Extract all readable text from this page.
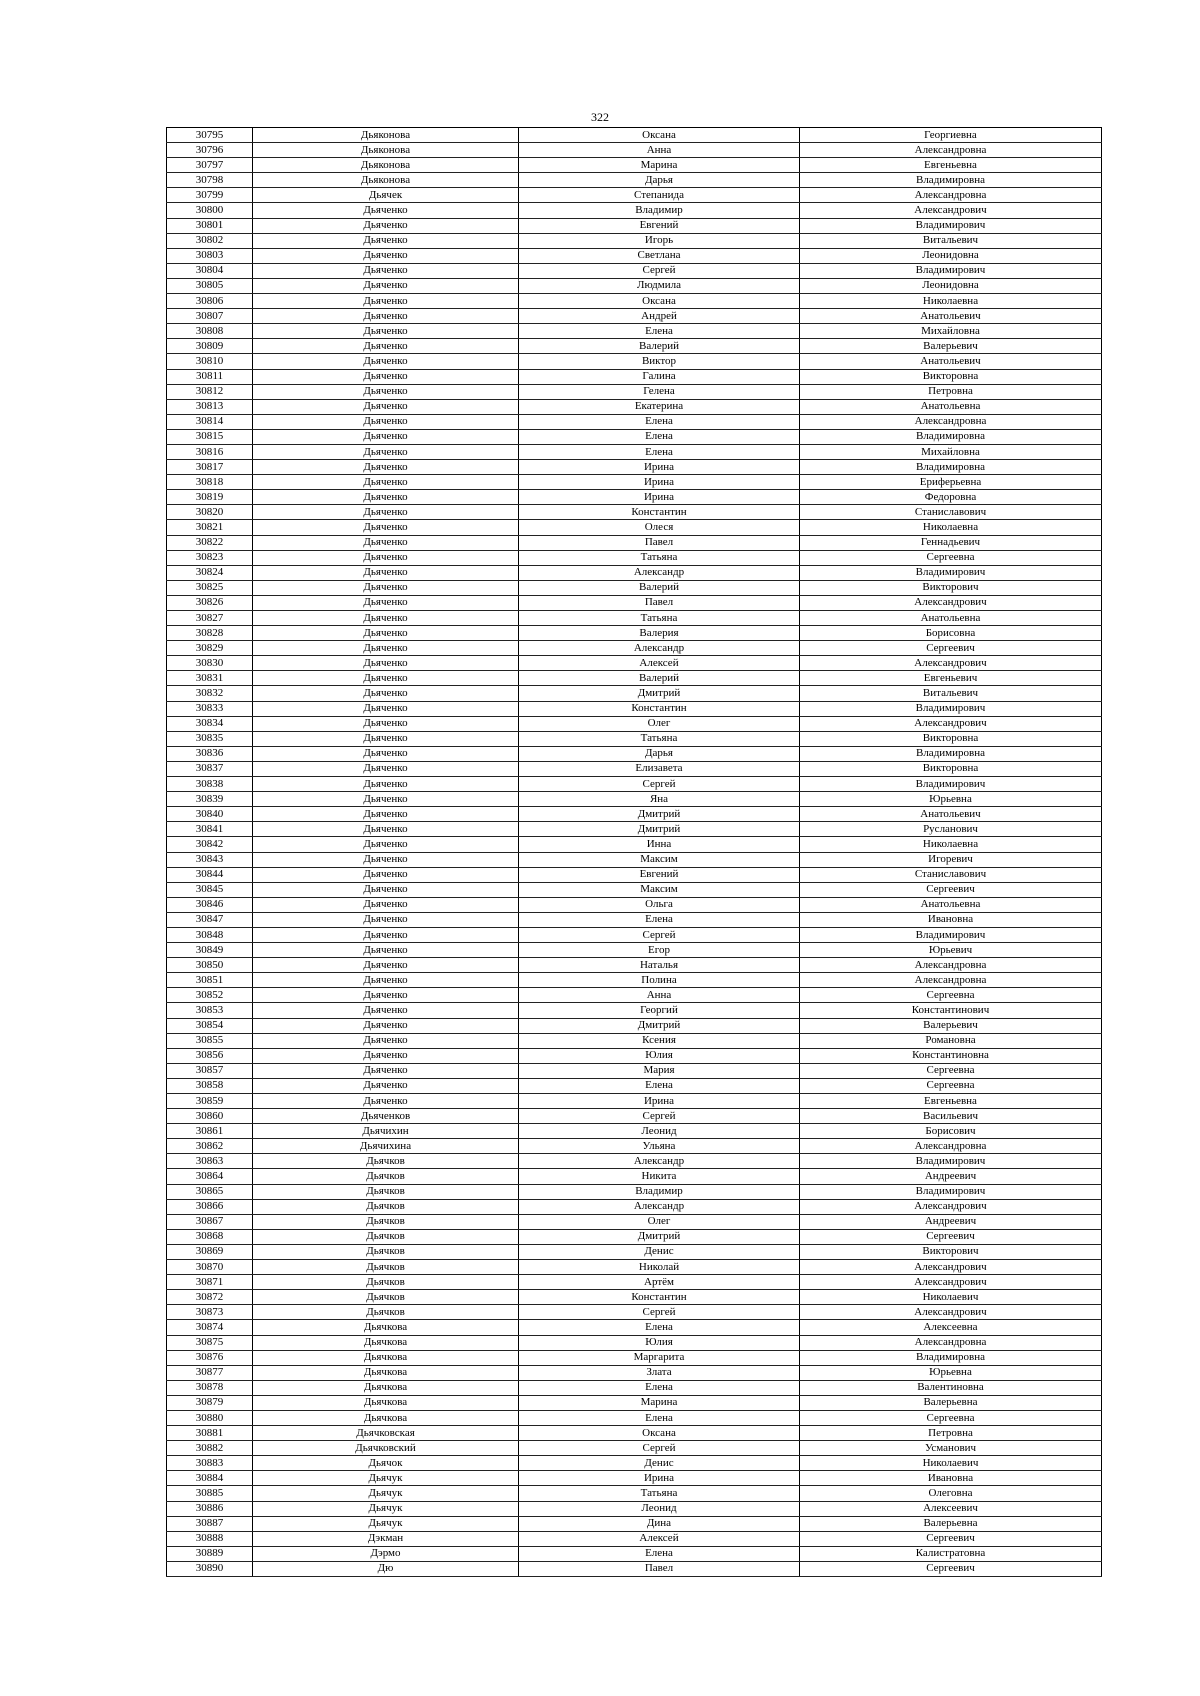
322
30795	Дьяконова	Оксана	Георгиевна
30796	Дьяконова	Анна	Александровна
30797	Дьяконова	Марина	Евгеньевна
30798	Дьяконова	Дарья	Владимировна
30799	Дьячек	Степанида	Александровна
30800	Дьяченко	Владимир	Александрович
30801	Дьяченко	Евгений	Владимирович
30802	Дьяченко	Игорь	Витальевич
30803	Дьяченко	Светлана	Леонидовна
30804	Дьяченко	Сергей	Владимирович
30805	Дьяченко	Людмила	Леонидовна
30806	Дьяченко	Оксана	Николаевна
30807	Дьяченко	Андрей	Анатольевич
30808	Дьяченко	Елена	Михайловна
30809	Дьяченко	Валерий	Валерьевич
30810	Дьяченко	Виктор	Анатольевич
30811	Дьяченко	Галина	Викторовна
30812	Дьяченко	Гелена	Петровна
30813	Дьяченко	Екатерина	Анатольевна
30814	Дьяченко	Елена	Александровна
30815	Дьяченко	Елена	Владимировна
30816	Дьяченко	Елена	Михайловна
30817	Дьяченко	Ирина	Владимировна
30818	Дьяченко	Ирина	Ериферьевна
30819	Дьяченко	Ирина	Федоровна
30820	Дьяченко	Константин	Станиславович
30821	Дьяченко	Олеся	Николаевна
30822	Дьяченко	Павел	Геннадьевич
30823	Дьяченко	Татьяна	Сергеевна
30824	Дьяченко	Александр	Владимирович
30825	Дьяченко	Валерий	Викторович
30826	Дьяченко	Павел	Александрович
30827	Дьяченко	Татьяна	Анатольевна
30828	Дьяченко	Валерия	Борисовна
30829	Дьяченко	Александр	Сергеевич
30830	Дьяченко	Алексей	Александрович
30831	Дьяченко	Валерий	Евгеньевич
30832	Дьяченко	Дмитрий	Витальевич
30833	Дьяченко	Константин	Владимирович
30834	Дьяченко	Олег	Александрович
30835	Дьяченко	Татьяна	Викторовна
30836	Дьяченко	Дарья	Владимировна
30837	Дьяченко	Елизавета	Викторовна
30838	Дьяченко	Сергей	Владимирович
30839	Дьяченко	Яна	Юрьевна
30840	Дьяченко	Дмитрий	Анатольевич
30841	Дьяченко	Дмитрий	Русланович
30842	Дьяченко	Инна	Николаевна
30843	Дьяченко	Максим	Игоревич
30844	Дьяченко	Евгений	Станиславович
30845	Дьяченко	Максим	Сергеевич
30846	Дьяченко	Ольга	Анатольевна
30847	Дьяченко	Елена	Ивановна
30848	Дьяченко	Сергей	Владимирович
30849	Дьяченко	Егор	Юрьевич
30850	Дьяченко	Наталья	Александровна
30851	Дьяченко	Полина	Александровна
30852	Дьяченко	Анна	Сергеевна
30853	Дьяченко	Георгий	Константинович
30854	Дьяченко	Дмитрий	Валерьевич
30855	Дьяченко	Ксения	Романовна
30856	Дьяченко	Юлия	Константиновна
30857	Дьяченко	Мария	Сергеевна
30858	Дьяченко	Елена	Сергеевна
30859	Дьяченко	Ирина	Евгеньевна
30860	Дьяченков	Сергей	Васильевич
30861	Дьячихин	Леонид	Борисович
30862	Дьячихина	Ульяна	Александровна
30863	Дьячков	Александр	Владимирович
30864	Дьячков	Никита	Андреевич
30865	Дьячков	Владимир	Владимирович
30866	Дьячков	Александр	Александрович
30867	Дьячков	Олег	Андреевич
30868	Дьячков	Дмитрий	Сергеевич
30869	Дьячков	Денис	Викторович
30870	Дьячков	Николай	Александрович
30871	Дьячков	Артём	Александрович
30872	Дьячков	Константин	Николаевич
30873	Дьячков	Сергей	Александрович
30874	Дьячкова	Елена	Алексеевна
30875	Дьячкова	Юлия	Александровна
30876	Дьячкова	Маргарита	Владимировна
30877	Дьячкова	Злата	Юрьевна
30878	Дьячкова	Елена	Валентиновна
30879	Дьячкова	Марина	Валерьевна
30880	Дьячкова	Елена	Сергеевна
30881	Дьячковская	Оксана	Петровна
30882	Дьячковский	Сергей	Усманович
30883	Дьячок	Денис	Николаевич
30884	Дьячук	Ирина	Ивановна
30885	Дьячук	Татьяна	Олеговна
30886	Дьячук	Леонид	Алексеевич
30887	Дьячук	Дина	Валерьевна
30888	Дэкман	Алексей	Сергеевич
30889	Дэрмо	Елена	Калистратовна
30890	Дю	Павел	Сергеевич
